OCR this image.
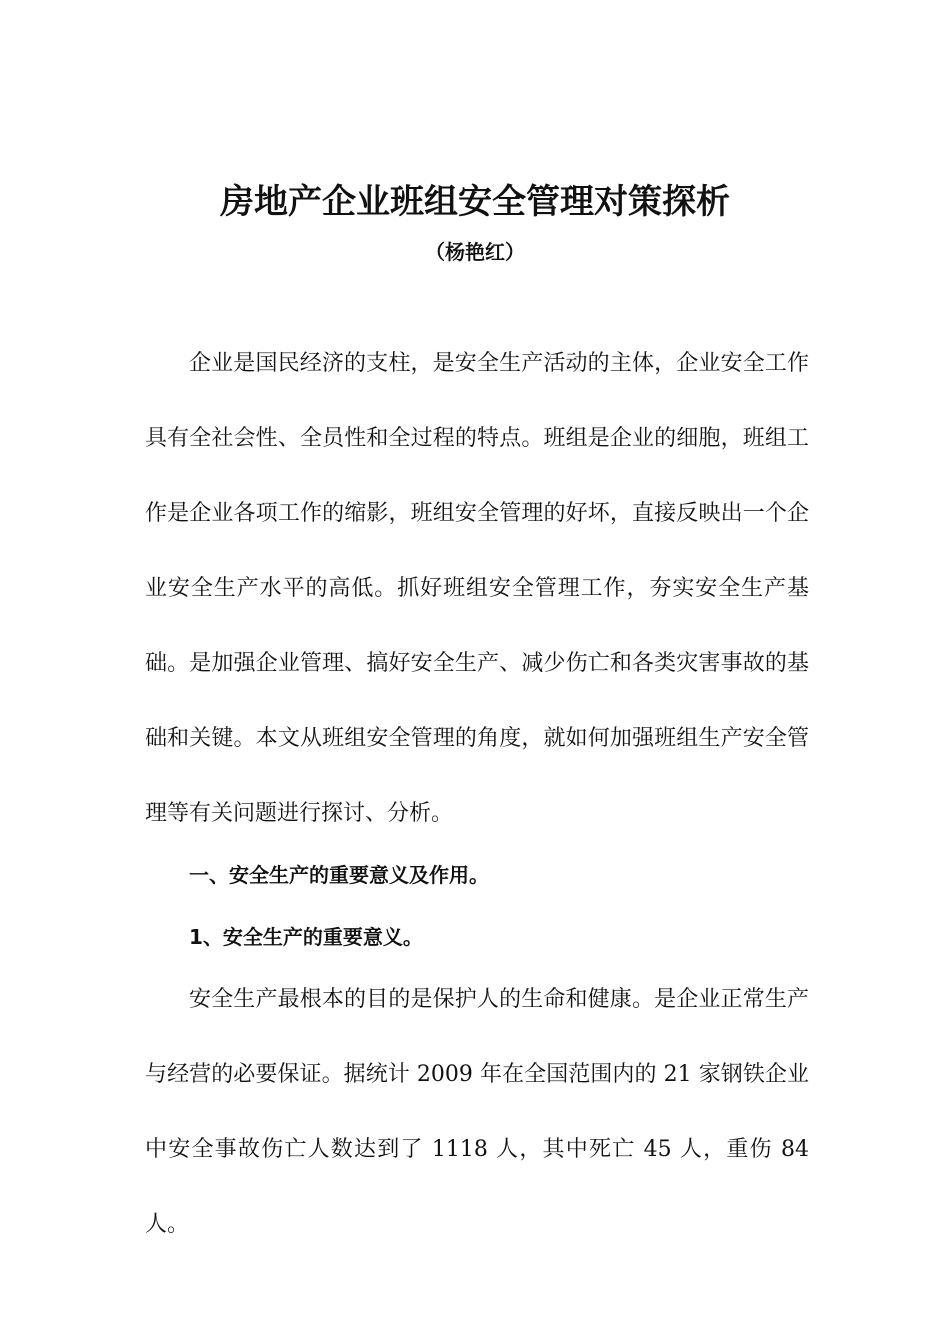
房地产企业班组安全管理对策探析
（杨艳红）

企业是国民经济的支柱，是安全生产活动的主体，企业安全工作具有全社会性、全员性和全过程的特点。班组是企业的细胞，班组工作是企业各项工作的缩影，班组安全管理的好坏，直接反映出一个企业安全生产水平的高低。抓好班组安全管理工作，夯实安全生产基础。是加强企业管理、搞好安全生产、减少伤亡和各类灾害事故的基础和关键。本文从班组安全管理的角度，就如何加强班组生产安全管理等有关问题进行探讨、分析。

一、安全生产的重要意义及作用。

1、安全生产的重要意义。

安全生产最根本的目的是保护人的生命和健康。是企业正常生产与经营的必要保证。据统计 2009 年在全国范围内的 21 家钢铁企业中安全事故伤亡人数达到了 1118 人，其中死亡 45 人，重伤 84 人。
